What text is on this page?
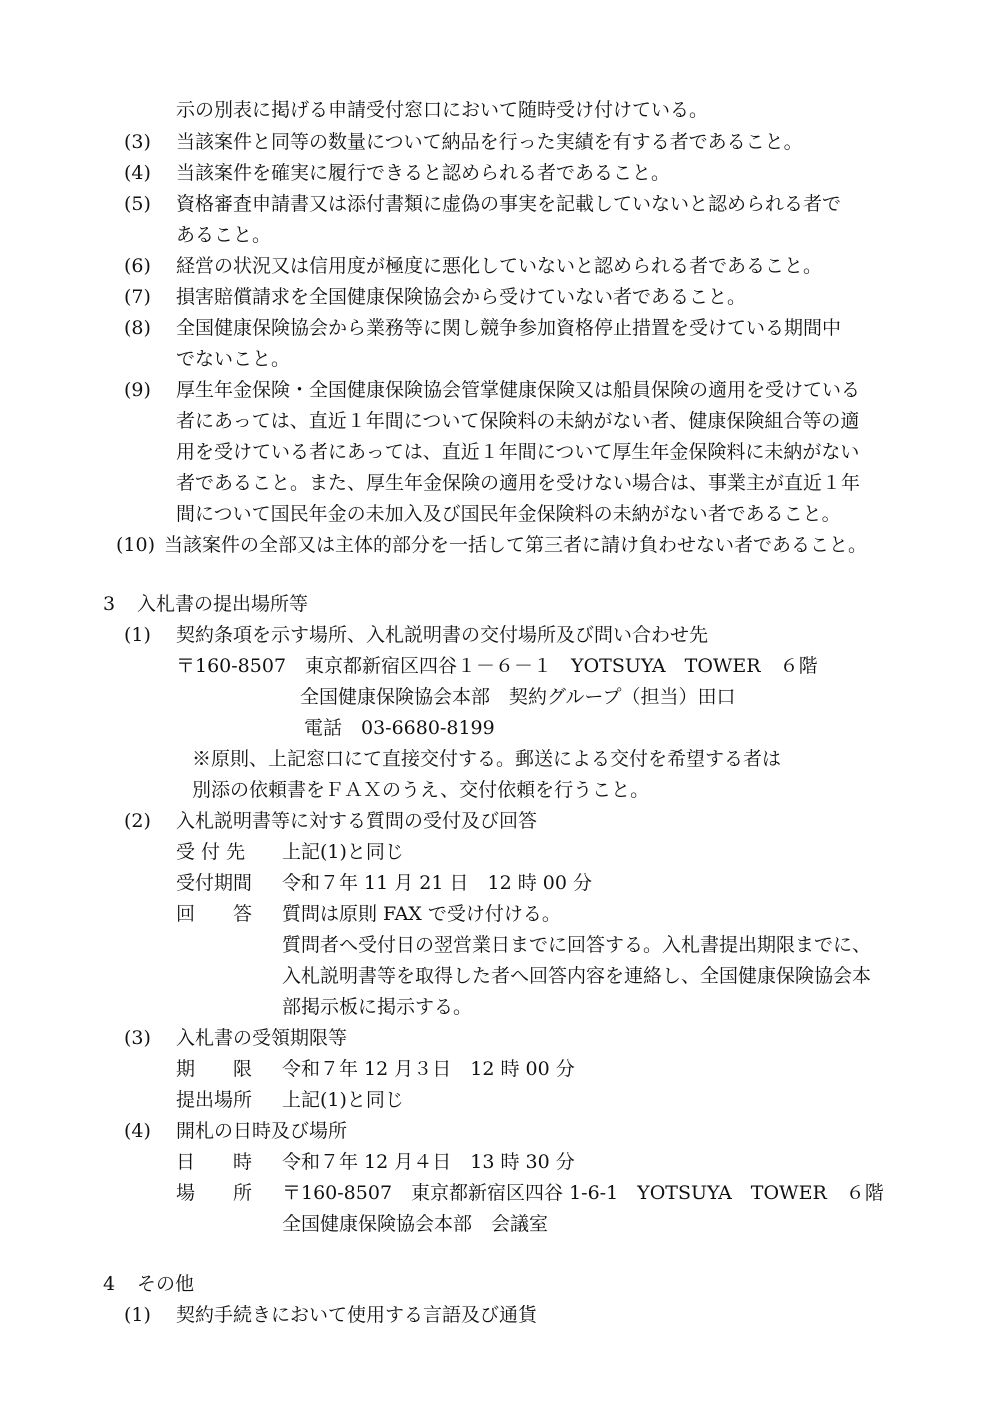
示の別表に掲げる申請受付窓口において随時受け付けている。
(3) 当該案件と同等の数量について納品を行った実績を有する者であること。
(4) 当該案件を確実に履行できると認められる者であること。
(5) 資格審査申請書又は添付書類に虚偽の事実を記載していないと認められる者で
あること。
(6) 経営の状況又は信用度が極度に悪化していないと認められる者であること。
(7) 損害賠償請求を全国健康保険協会から受けていない者であること。
(8) 全国健康保険協会から業務等に関し競争参加資格停止措置を受けている期間中
でないこと。
(9) 厚生年金保険・全国健康保険協会管掌健康保険又は船員保険の適用を受けている
者にあっては、直近１年間について保険料の未納がない者、健康保険組合等の適
用を受けている者にあっては、直近１年間について厚生年金保険料に未納がない
者であること。また、厚生年金保険の適用を受けない場合は、事業主が直近１年
間について国民年金の未加入及び国民年金保険料の未納がない者であること。
(10) 当該案件の全部又は主体的部分を一括して第三者に請け負わせない者であること。
3 入札書の提出場所等
(1) 契約条項を示す場所、入札説明書の交付場所及び問い合わせ先
〒160-8507　東京都新宿区四谷１－６－１　YOTSUYA　TOWER　６階
全国健康保険協会本部　契約グループ（担当）田口
電話　03-6680-8199
※原則、上記窓口にて直接交付する。郵送による交付を希望する者は
別添の依頼書をＦＡＸのうえ、交付依頼を行うこと。
(2) 入札説明書等に対する質問の受付及び回答
受 付 先 上記(1)と同じ
受付期間 令和７年 11 月 21 日　12 時 00 分
回　　答 質問は原則 FAX で受け付ける。
質問者へ受付日の翌営業日までに回答する。入札書提出期限までに、
入札説明書等を取得した者へ回答内容を連絡し、全国健康保険協会本
部掲示板に掲示する。
(3) 入札書の受領期限等
期　　限 令和７年 12 月３日　12 時 00 分
提出場所 上記(1)と同じ
(4) 開札の日時及び場所
日　　時 令和７年 12 月４日　13 時 30 分
場　　所 〒160-8507　東京都新宿区四谷 1-6-1　YOTSUYA　TOWER　６階
全国健康保険協会本部　会議室
4 その他
(1) 契約手続きにおいて使用する言語及び通貨
